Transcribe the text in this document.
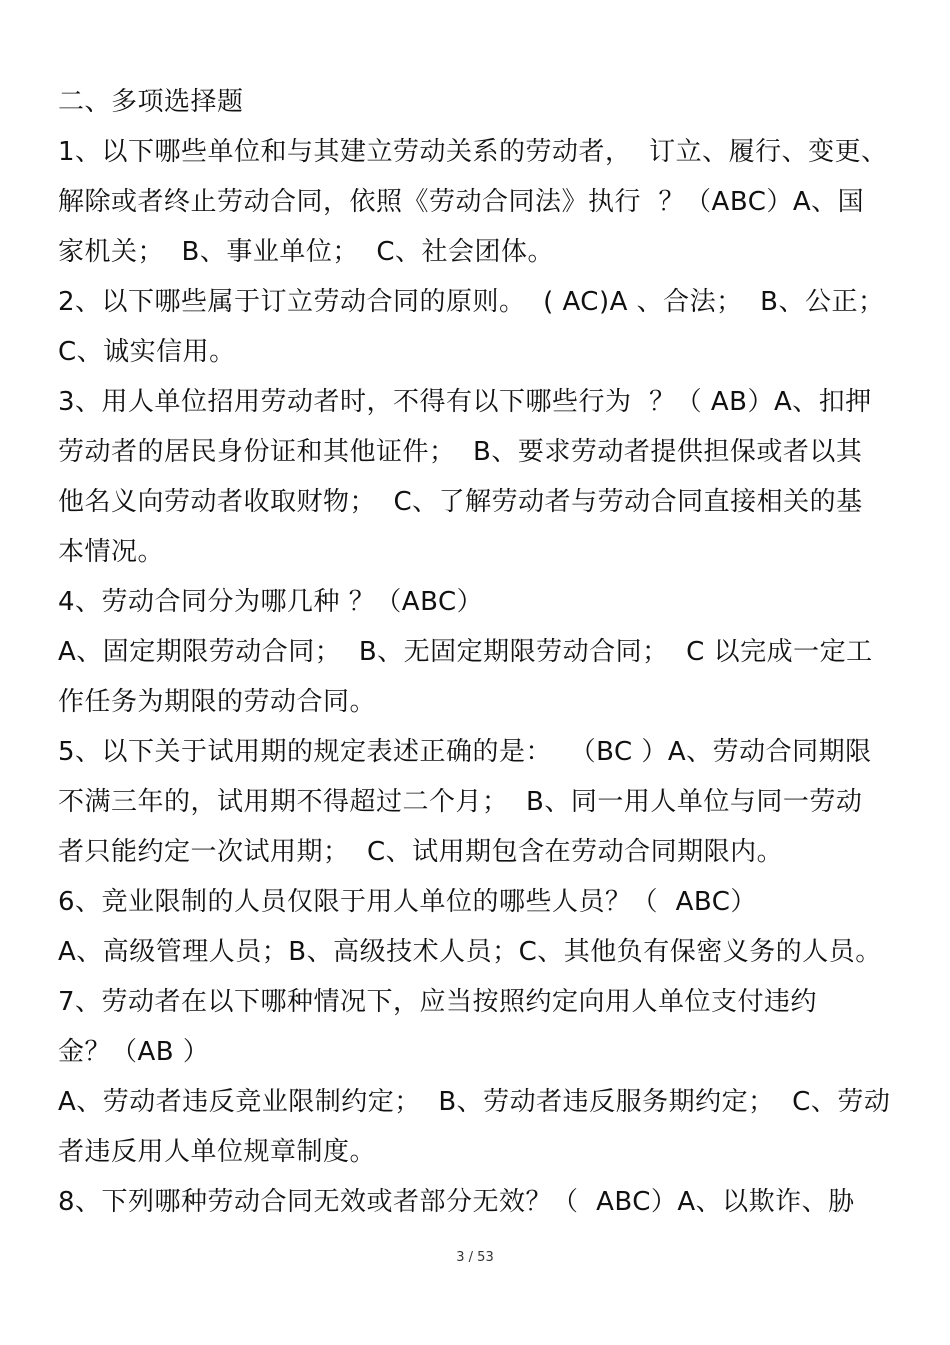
二、多项选择题
1、以下哪些单位和与其建立劳动关系的劳动者，  订立、履行、变更、
解除或者终止劳动合同，依照《劳动合同法》执行  ？（ABC）A、国
家机关；  B、事业单位；  C、社会团体。
2、以下哪些属于订立劳动合同的原则。  ( AC)A 、合法；  B、公正；
C、诚实信用。
3、用人单位招用劳动者时，不得有以下哪些行为  ？（ AB）A、扣押
劳动者的居民身份证和其他证件；  B、要求劳动者提供担保或者以其
他名义向劳动者收取财物；  C、了解劳动者与劳动合同直接相关的基
本情况。
4、劳动合同分为哪几种 ？（ABC）
A、固定期限劳动合同；  B、无固定期限劳动合同；  C 以完成一定工
作任务为期限的劳动合同。
5、以下关于试用期的规定表述正确的是：  （BC ）A、劳动合同期限
不满三年的，试用期不得超过二个月；  B、同一用人单位与同一劳动
者只能约定一次试用期；  C、试用期包含在劳动合同期限内。
6、竞业限制的人员仅限于用人单位的哪些人员？（  ABC）
A、高级管理人员；B、高级技术人员；C、其他负有保密义务的人员。
7、劳动者在以下哪种情况下，应当按照约定向用人单位支付违约
金？（AB ）
A、劳动者违反竞业限制约定；  B、劳动者违反服务期约定；  C、劳动
者违反用人单位规章制度。
8、下列哪种劳动合同无效或者部分无效？（  ABC）A、以欺诈、胁
3 / 53
